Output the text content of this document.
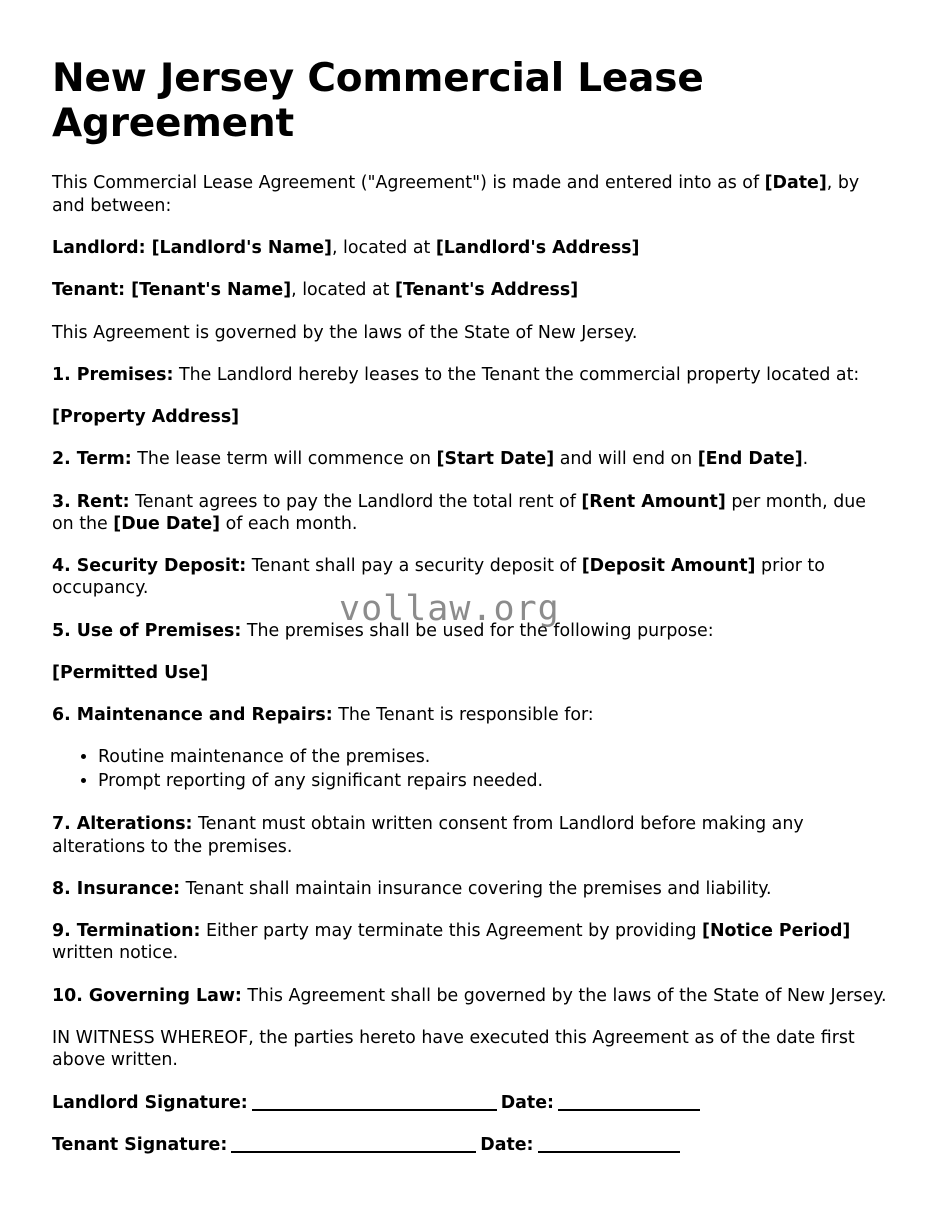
New Jersey Commercial Lease Agreement

This Commercial Lease Agreement ("Agreement") is made and entered into as of [Date], by and between:

Landlord: [Landlord's Name], located at [Landlord's Address]

Tenant: [Tenant's Name], located at [Tenant's Address]

This Agreement is governed by the laws of the State of New Jersey.

1. Premises: The Landlord hereby leases to the Tenant the commercial property located at:

[Property Address]

2. Term: The lease term will commence on [Start Date] and will end on [End Date].

3. Rent: Tenant agrees to pay the Landlord the total rent of [Rent Amount] per month, due on the [Due Date] of each month.

4. Security Deposit: Tenant shall pay a security deposit of [Deposit Amount] prior to occupancy.

5. Use of Premises: The premises shall be used for the following purpose:

[Permitted Use]

6. Maintenance and Repairs: The Tenant is responsible for:

• Routine maintenance of the premises.
• Prompt reporting of any significant repairs needed.

7. Alterations: Tenant must obtain written consent from Landlord before making any alterations to the premises.

8. Insurance: Tenant shall maintain insurance covering the premises and liability.

9. Termination: Either party may terminate this Agreement by providing [Notice Period] written notice.

10. Governing Law: This Agreement shall be governed by the laws of the State of New Jersey.

IN WITNESS WHEREOF, the parties hereto have executed this Agreement as of the date first above written.

Landlord Signature:	Date:
Tenant Signature:	Date:
vollaw.org
